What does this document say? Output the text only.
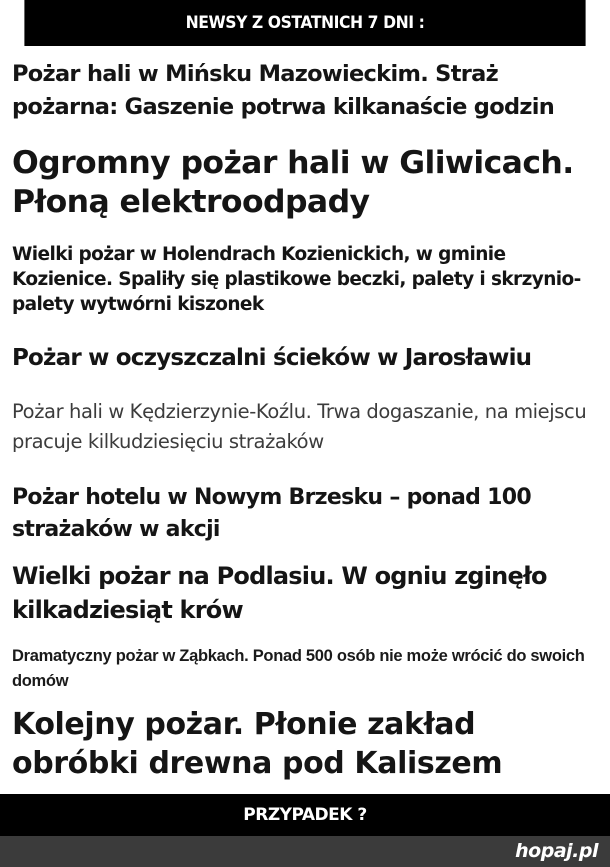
NEWSY Z OSTATNICH 7 DNI :

Pożar hali w Mińsku Mazowieckim. Straż pożarna: Gaszenie potrwa kilkanaście godzin

Ogromny pożar hali w Gliwicach. Płoną elektroodpady

Wielki pożar w Holendrach Kozienickich, w gminie Kozienice. Spaliły się plastikowe beczki, palety i skrzynio-palety wytwórni kiszonek

Pożar w oczyszczalni ścieków w Jarosławiu

Pożar hali w Kędzierzynie-Koźlu. Trwa dogaszanie, na miejscu pracuje kilkudziesięciu strażaków

Pożar hotelu w Nowym Brzesku – ponad 100 strażaków w akcji

Wielki pożar na Podlasiu. W ogniu zginęło kilkadziesiąt krów

Dramatyczny pożar w Ząbkach. Ponad 500 osób nie może wrócić do swoich domów

Kolejny pożar. Płonie zakład obróbki drewna pod Kaliszem

PRZYPADEK ?
hopaj.pl
